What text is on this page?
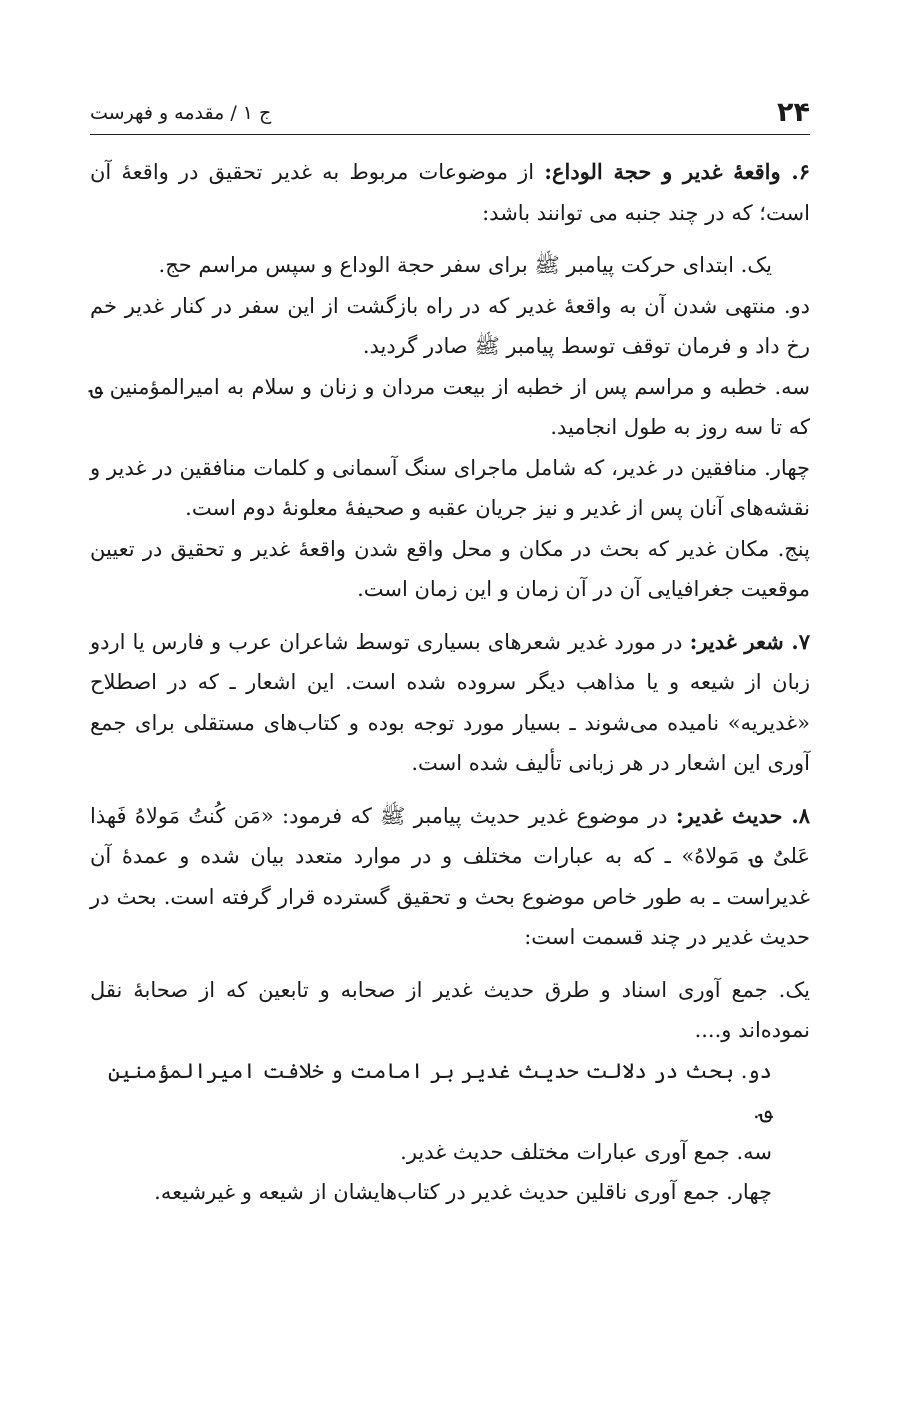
۲۴
ج ۱ / مقدمه و فهرست

۶. واقعهٔ غدیر و حجة الوداع: از موضوعات مربوط به غدیر تحقیق در واقعهٔ آن است؛ که در چند جنبه می توانند باشد:

یک. ابتدای حرکت پیامبر ﷺ برای سفر حجة الوداع و سپس مراسم حج.

دو. منتهی شدن آن به واقعهٔ غدیر که در راه بازگشت از این سفر در کنار غدیر خم رخ داد و فرمان توقف توسط پیامبر ﷺ صادر گردید.

سه. خطبه و مراسم پس از خطبه از بیعت مردان و زنان و سلام به امیرالمؤمنین ؈ که تا سه روز به طول انجامید.

چهار. منافقین در غدیر، که شامل ماجرای سنگ آسمانی و کلمات منافقین در غدیر و نقشه‌های آنان پس از غدیر و نیز جریان عقبه و صحیفهٔ معلونهٔ دوم است.

پنج. مکان غدیر که بحث در مکان و محل واقع شدن واقعهٔ غدیر و تحقیق در تعیین موقعیت جغرافیایی آن در آن زمان و این زمان است.

۷. شعر غدیر: در مورد غدیر شعرهای بسیاری توسط شاعران عرب و فارس یا اردو زبان از شیعه و یا مذاهب دیگر سروده شده است. این اشعار ـ که در اصطلاح «غدیریه» نامیده می‌شوند ـ بسیار مورد توجه بوده و کتاب‌های مستقلی برای جمع آوری این اشعار در هر زبانی تألیف شده است.

۸. حدیث غدیر: در موضوع غدیر حدیث پیامبر ﷺ که فرمود: «مَن کُنتُ مَولاهُ فَهذا عَلیٌ ؈ مَولاهُ» ـ که به عبارات مختلف و در موارد متعدد بیان شده و عمدهٔ آن غدیراست ـ به طور خاص موضوع بحث و تحقیق گسترده قرار گرفته است. بحث در حدیث غدیر در چند قسمت است:

یک. جمع آوری اسناد و طرق حدیث غدیر از صحابه و تابعین که از صحابهٔ نقل نموده‌اند و....

دو. بحث در دلالت حدیث غدیر بر امامت و خلافت امیرالمؤمنین ؈.

سه. جمع آوری عبارات مختلف حدیث غدیر.

چهار. جمع آوری ناقلین حدیث غدیر در کتاب‌هایشان از شیعه و غیرشیعه.
